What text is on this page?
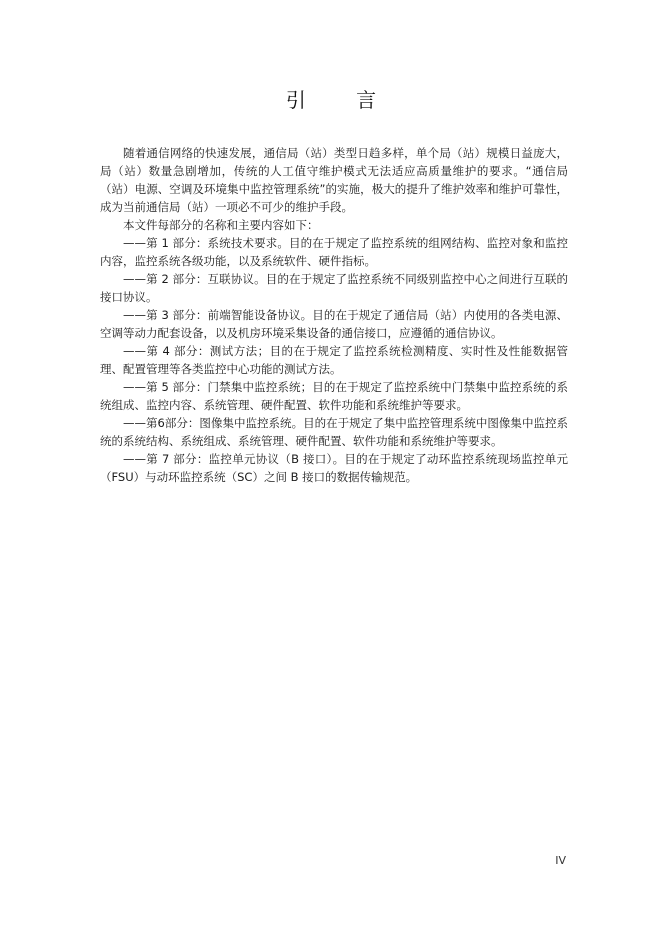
引 言

随着通信网络的快速发展，通信局（站）类型日趋多样，单个局（站）规模日益庞大，局（站）数量急剧增加，传统的人工值守维护模式无法适应高质量维护的要求。“通信局（站）电源、空调及环境集中监控管理系统”的实施，极大的提升了维护效率和维护可靠性，成为当前通信局（站）一项必不可少的维护手段。

本文件每部分的名称和主要内容如下：

——第 1 部分：系统技术要求。目的在于规定了监控系统的组网结构、监控对象和监控内容，监控系统各级功能，以及系统软件、硬件指标。

——第 2 部分：互联协议。目的在于规定了监控系统不同级别监控中心之间进行互联的接口协议。

——第 3 部分：前端智能设备协议。目的在于规定了通信局（站）内使用的各类电源、空调等动力配套设备，以及机房环境采集设备的通信接口，应遵循的通信协议。

——第 4 部分：测试方法；目的在于规定了监控系统检测精度、实时性及性能数据管理、配置管理等各类监控中心功能的测试方法。

——第 5 部分：门禁集中监控系统；目的在于规定了监控系统中门禁集中监控系统的系统组成、监控内容、系统管理、硬件配置、软件功能和系统维护等要求。

——第6部分：图像集中监控系统。目的在于规定了集中监控管理系统中图像集中监控系统的系统结构、系统组成、系统管理、硬件配置、软件功能和系统维护等要求。

——第 7 部分：监控单元协议（B 接口）。目的在于规定了动环监控系统现场监控单元（FSU）与动环监控系统（SC）之间 B 接口的数据传输规范。

IV
